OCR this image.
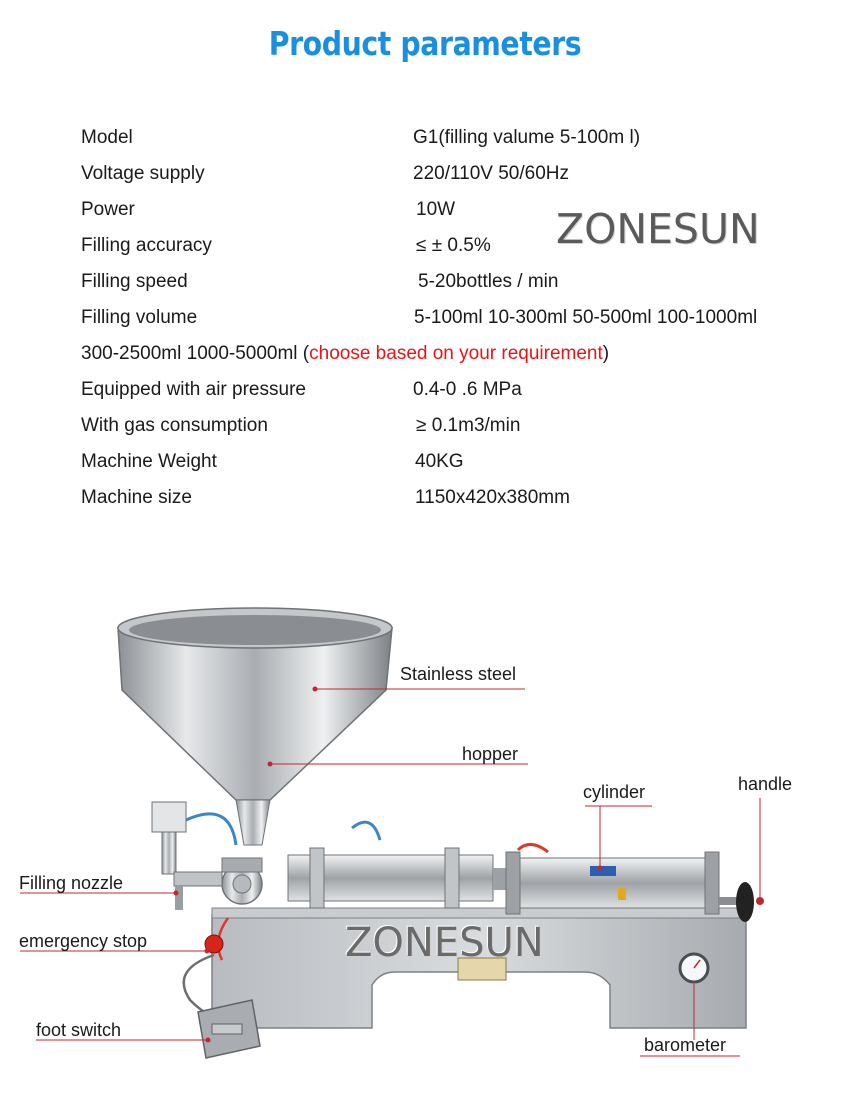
Product parameters
Model	G1(filling valume 5-100m l)
Voltage supply	220/110V 50/60Hz
Power	10W
Filling accuracy	≤ ± 0.5%
Filling speed	5-20bottles / min
Filling volume	5-100ml 10-300ml 50-500ml 100-1000ml
300-2500ml 1000-5000ml (choose based on your requirement)
Equipped with air pressure	0.4-0 .6 MPa
With gas consumption	≥ 0.1m3/min
Machine Weight	40KG
Machine size	1150x420x380mm
ZONESUN
ZONESUN
Stainless steel
hopper
cylinder	handle
Filling nozzle
emergency stop
foot switch
barometer
